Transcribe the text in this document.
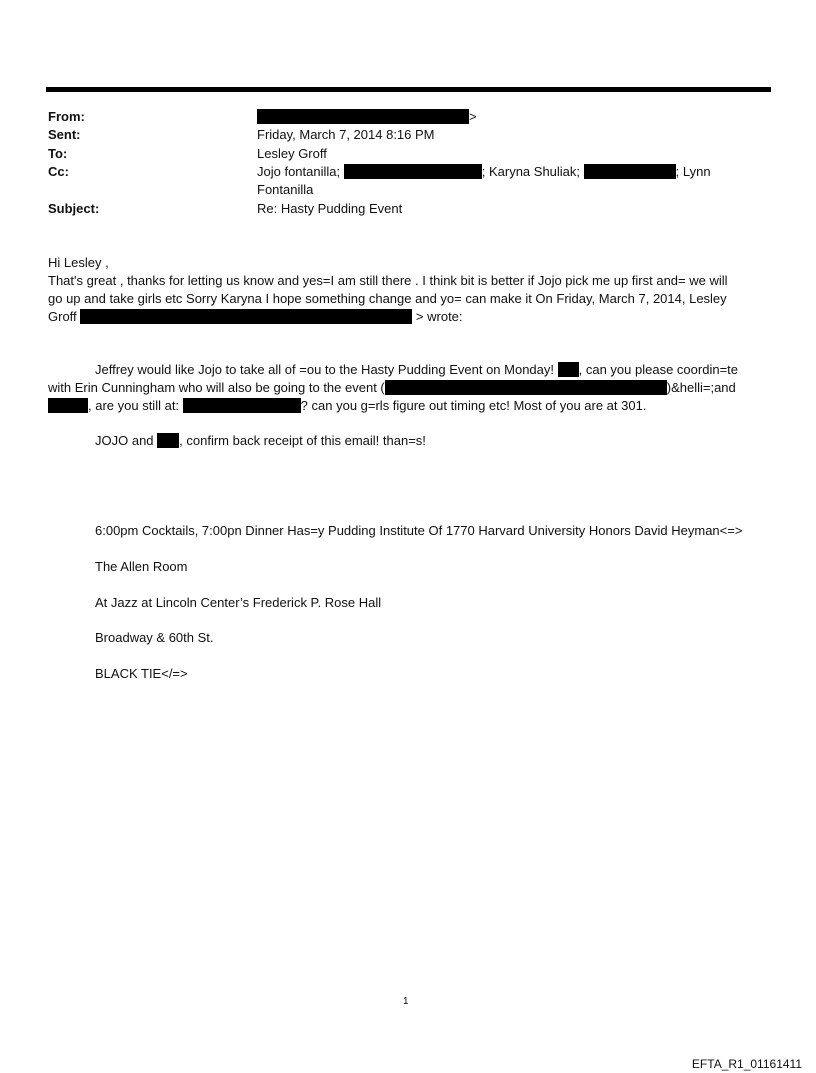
From:	>
Sent:	Friday, March 7, 2014 8:16 PM
To:	Lesley Groff
Cc:	Jojo fontanilla;	; Karyna Shuliak;	; Lynn
Fontanilla
Subject:	Re: Hasty Pudding Event
Hi Lesley ,
That's great , thanks for letting us know and yes=I am still there . I think bit is better if Jojo pick me up first and= we will
go up and take girls etc Sorry Karyna I hope something change and yo= can make it On Friday, March 7, 2014, Lesley
Groff	> wrote:
Jeffrey would like Jojo to take all of =ou to the Hasty Pudding Event on Monday! , can you please coordin=te
with Erin Cunningham who will also be going to the event (	)&helli=;and
, are you still at:	? can you g=rls figure out timing etc! Most of you are at 301.
JOJO and , confirm back receipt of this email! than=s!
6:00pm Cocktails, 7:00pn Dinner Has=y Pudding Institute Of 1770 Harvard University Honors David Heyman<=>
The Allen Room
At Jazz at Lincoln Center’s Frederick P. Rose Hall
Broadway & 60th St.
BLACK TIE</=>
1
EFTA_R1_01161411
